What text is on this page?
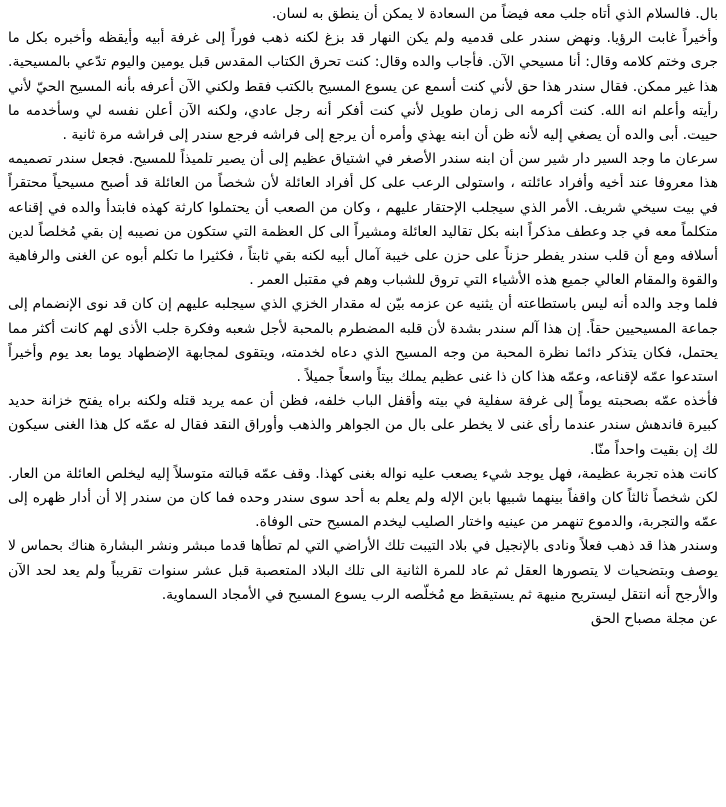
بال. فالسلام الذي أتاه جلب معه فيضاً من السعادة لا يمكن أن ينطق به لسان.

وأخيراً غابت الرؤيا. ونهض سندر على قدميه ولم يكن النهار قد بزغ لكنه ذهب فوراً إلى غرفة أبيه وأيقظه وأخبره بكل ما جرى وختم كلامه وقال: أنا مسيحي الآن. فأجاب والده وقال: كنت تحرق الكتاب المقدس قبل يومين واليوم تدّعي بالمسيحية. هذا غير ممكن. فقال سندر هذا حق لأني كنت أسمع عن يسوع المسيح بالكتب فقط ولكني الآن أعرفه بأنه المسيح الحيّ لأني رأيته وأعلم انه الله. كنت أكرمه الى زمان طويل لأني كنت أفكر أنه رجل عادي، ولكنه الآن أعلن نفسه لي وسأخدمه ما حييت. أبى والده أن يصغي إليه لأنه ظن أن ابنه يهذي وأمره أن يرجع إلى فراشه فرجع سندر إلى فراشه مرة ثانية .

سرعان ما وجد السير دار شير سن أن ابنه سندر الأصغر في اشتياق عظيم إلى أن يصير تلميذاً للمسيح. فجعل سندر تصميمه هذا معروفا عند أخيه وأفراد عائلته ، واستولى الرعب على كل أفراد العائلة لأن شخصاً من العائلة قد أصبح مسيحياً محتقراً في بيت سيخي شريف. الأمر الذي سيجلب الإحتقار عليهم ، وكان من الصعب أن يحتملوا كارثة كهذه فابتدأ والده في إقناعه متكلماً معه في جد وعطف مذكراً ابنه بكل تقاليد العائلة ومشيراً الى كل العظمة التي ستكون من نصيبه إن بقي مُخلصاً لدين أسلافه ومع أن قلب سندر يفطر حزناً على حزن على خيبة آمال أبيه لكنه بقي ثابتاً ، فكثيرا ما تكلم أبوه عن الغنى والرفاهية والقوة والمقام العالي جميع هذه الأشياء التي تروق للشباب وهم في مقتبل العمر .

فلما وجد والده أنه ليس باستطاعته أن يثنيه عن عزمه بيّن له مقدار الخزي الذي سيجلبه عليهم إن كان قد نوى الإنضمام إلى جماعة المسيحيين حقاً. إن هذا آلم سندر بشدة لأن قلبه المضطرم بالمحبة لأجل شعبه وفكرة جلب الأذى لهم كانت أكثر مما يحتمل، فكان يتذكر دائما نظرة المحبة من وجه المسيح الذي دعاه لخدمته، ويتقوى لمجابهة الإضطهاد يوما بعد يوم وأخيراً استدعوا عمّه لإقناعه، وعمّه هذا كان ذا غنى عظيم يملك بيتاً واسعاً جميلاً .

فأخذه عمّه بصحبته يوماً إلى غرفة سفلية في بيته وأقفل الباب خلفه، فظن أن عمه يريد قتله ولكنه براه يفتح خزانة حديد كبيرة فاندهش سندر عندما رأى غنى لا يخطر على بال من الجواهر والذهب وأوراق النقد فقال له عمّه كل هذا الغنى سيكون لك إن بقيت واحداً منّا.

كانت هذه تجربة عظيمة، فهل يوجد شيء يصعب عليه نواله بغنى كهذا. وقف عمّه قبالته متوسلاً إليه ليخلص العائلة من العار. لكن شخصاً ثالثاً كان واقفاً بينهما شبيها بابن الإله ولم يعلم به أحد سوى سندر وحده فما كان من سندر إلا أن أدار ظهره إلى عمّه والتجربة، والدموع تنهمر من عينيه واختار الصليب ليخدم المسيح حتى الوفاة.

وسندر هذا قد ذهب فعلاً ونادى بالإنجيل في بلاد التيبت تلك الأراضي التي لم تطأها قدما مبشر ونشر البشارة هناك بحماس لا يوصف وبتضحيات لا يتصورها العقل ثم عاد للمرة الثانية الى تلك البلاد المتعصبة قبل عشر سنوات تقريباً ولم يعد لحد الآن والأرجح أنه انتقل ليستريح منيهة ثم يستيقظ مع مُخلّصه الرب يسوع المسيح في الأمجاد السماوية.

عن مجلة مصباح الحق
